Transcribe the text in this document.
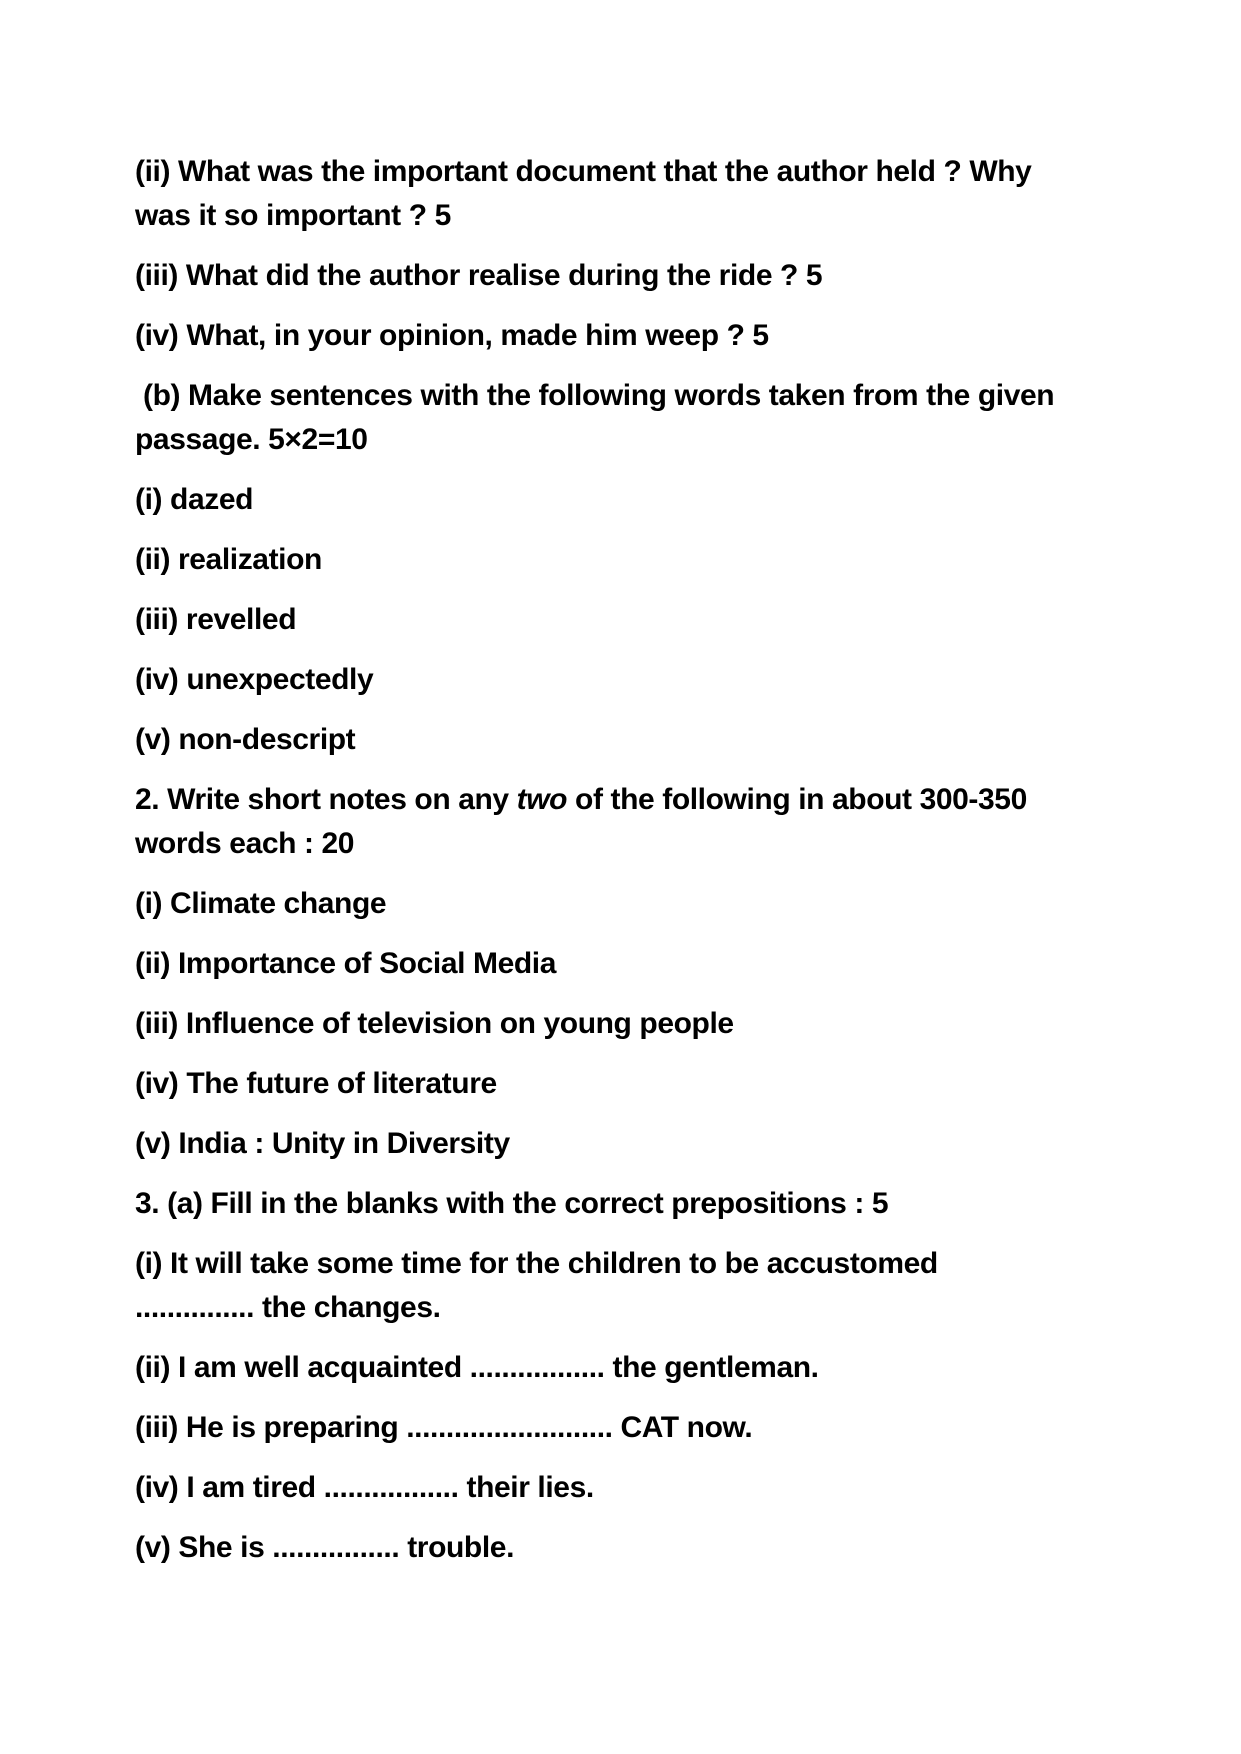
(ii) What was the important document that the author held ? Why
was it so important ? 5
(iii) What did the author realise during the ride ? 5
(iv) What, in your opinion, made him weep ? 5
(b) Make sentences with the following words taken from the given
passage. 5×2=10
(i) dazed
(ii) realization
(iii) revelled
(iv) unexpectedly
(v) non-descript
2. Write short notes on any two of the following in about 300-350
words each : 20
(i) Climate change
(ii) Importance of Social Media
(iii) Influence of television on young people
(iv) The future of literature
(v) India : Unity in Diversity
3. (a) Fill in the blanks with the correct prepositions : 5
(i) It will take some time for the children to be accustomed
............... the changes.
(ii) I am well acquainted ................. the gentleman.
(iii) He is preparing .......................... CAT now.
(iv) I am tired ................. their lies.
(v) She is ................ trouble.
